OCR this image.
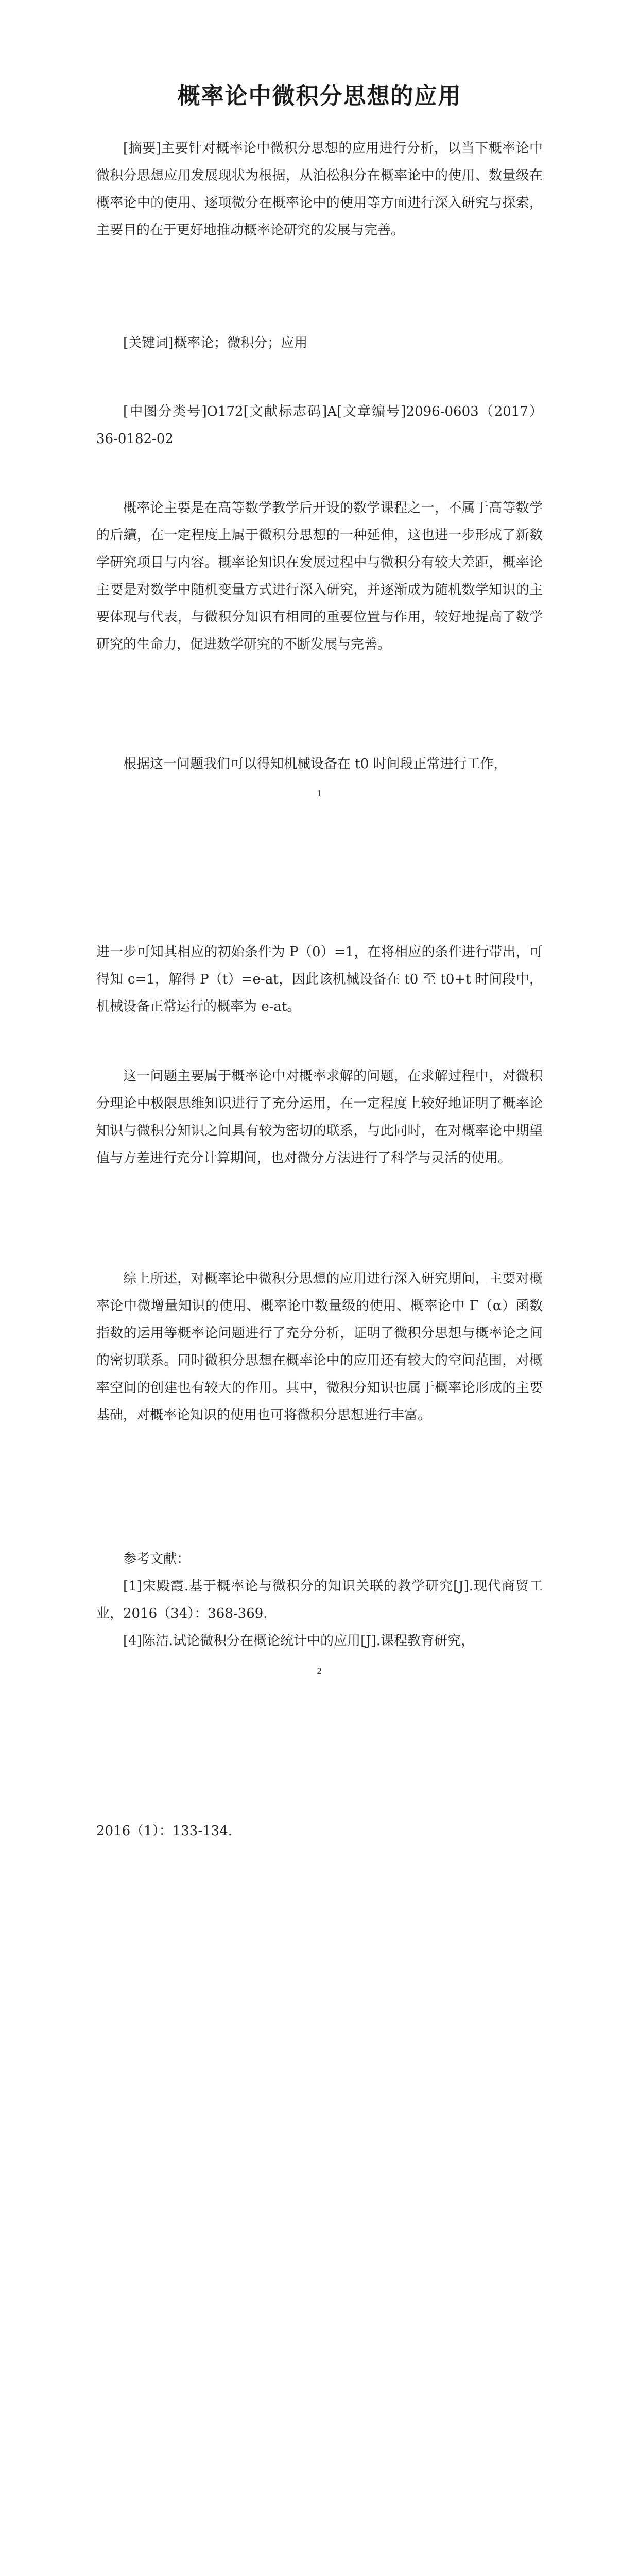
概率论中微积分思想的应用

[摘要]主要针对概率论中微积分思想的应用进行分析，以当下概率论中微积分思想应用发展现状为根据，从泊松积分在概率论中的使用、数量级在概率论中的使用、逐项微分在概率论中的使用等方面进行深入研究与探索，主要目的在于更好地推动概率论研究的发展与完善。

[关键词]概率论；微积分；应用

[中图分类号]O172[文献标志码]A[文章编号]2096-0603（2017）36-0182-02

概率论主要是在高等数学教学后开设的数学课程之一，不属于高等数学的后續，在一定程度上属于微积分思想的一种延伸，这也进一步形成了新数学研究项目与内容。概率论知识在发展过程中与微积分有较大差距，概率论主要是对数学中随机变量方式进行深入研究，并逐渐成为随机数学知识的主要体现与代表，与微积分知识有相同的重要位置与作用，较好地提高了数学研究的生命力，促进数学研究的不断发展与完善。

根据这一问题我们可以得知机械设备在 t0 时间段正常进行工作，

1

进一步可知其相应的初始条件为 P（0）=1，在将相应的条件进行带出，可得知 c=1，解得 P（t）=e-at，因此该机械设备在 t0 至 t0+t 时间段中，机械设备正常运行的概率为 e-at。

这一问题主要属于概率论中对概率求解的问题，在求解过程中，对微积分理论中极限思维知识进行了充分运用，在一定程度上较好地证明了概率论知识与微积分知识之间具有较为密切的联系，与此同时，在对概率论中期望值与方差进行充分计算期间，也对微分方法进行了科学与灵活的使用。

综上所述，对概率论中微积分思想的应用进行深入研究期间，主要对概率论中微增量知识的使用、概率论中数量级的使用、概率论中 Γ（α）函数指数的运用等概率论问题进行了充分分析，证明了微积分思想与概率论之间的密切联系。同时微积分思想在概率论中的应用还有较大的空间范围，对概率空间的创建也有较大的作用。其中，微积分知识也属于概率论形成的主要基础，对概率论知识的使用也可将微积分思想进行丰富。

参考文献：

[1]宋殿霞.基于概率论与微积分的知识关联的教学研究[J].现代商贸工业，2016（34）：368-369.

[4]陈洁.试论微积分在概论统计中的应用[J].课程教育研究，

2

2016（1）：133-134.
